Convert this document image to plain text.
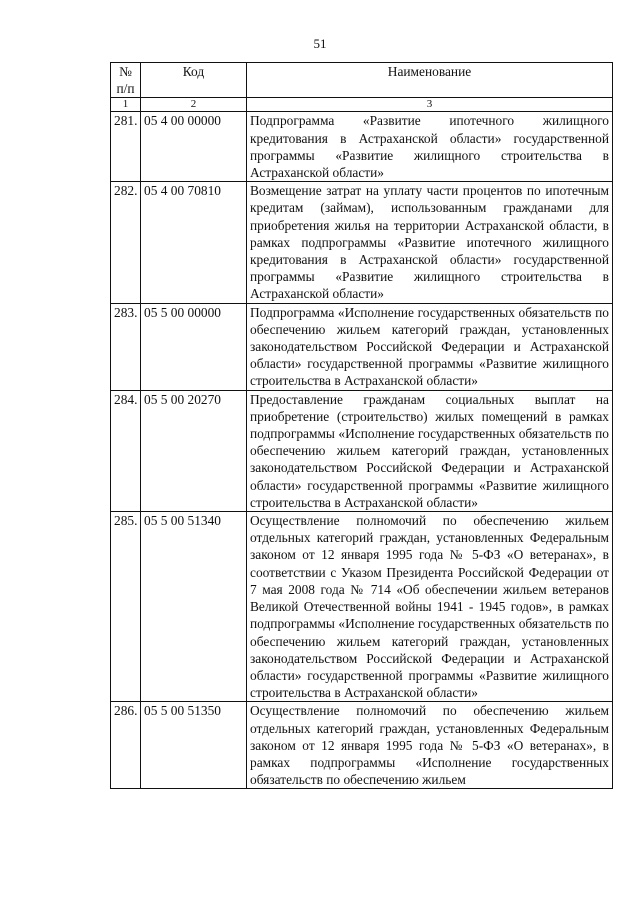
51
№ п/п	Код	Наименование
1	2	3
281.	05 4 00 00000	Подпрограмма «Развитие ипотечного жилищного кредитования в Астраханской области» государственной программы «Развитие жилищного строительства в Астраханской области»
282.	05 4 00 70810	Возмещение затрат на уплату части процентов по ипотечным кредитам (займам), использованным гражданами для приобретения жилья на территории Астраханской области, в рамках подпрограммы «Развитие ипотечного жилищного кредитования в Астраханской области» государственной программы «Развитие жилищного строительства в Астраханской области»
283.	05 5 00 00000	Подпрограмма «Исполнение государственных обязательств по обеспечению жильем категорий граждан, установленных законодательством Российской Федерации и Астраханской области» государственной программы «Развитие жилищного строительства в Астраханской области»
284.	05 5 00 20270	Предоставление гражданам социальных выплат на приобретение (строительство) жилых помещений в рамках подпрограммы «Исполнение государственных обязательств по обеспечению жильем категорий граждан, установленных законодательством Российской Федерации и Астраханской области» государственной программы «Развитие жилищного строительства в Астраханской области»
285.	05 5 00 51340	Осуществление полномочий по обеспечению жильем отдельных категорий граждан, установленных Федеральным законом от 12 января 1995 года № 5-ФЗ «О ветеранах», в соответствии с Указом Президента Российской Федерации от 7 мая 2008 года № 714 «Об обеспечении жильем ветеранов Великой Отечественной войны 1941 - 1945 годов», в рамках подпрограммы «Исполнение государственных обязательств по обеспечению жильем категорий граждан, установленных законодательством Российской Федерации и Астраханской области» государственной программы «Развитие жилищного строительства в Астраханской области»
286.	05 5 00 51350	Осуществление полномочий по обеспечению жильем отдельных категорий граждан, установленных Федеральным законом от 12 января 1995 года № 5-ФЗ «О ветеранах», в рамках подпрограммы «Исполнение государственных обязательств по обеспечению жильем
